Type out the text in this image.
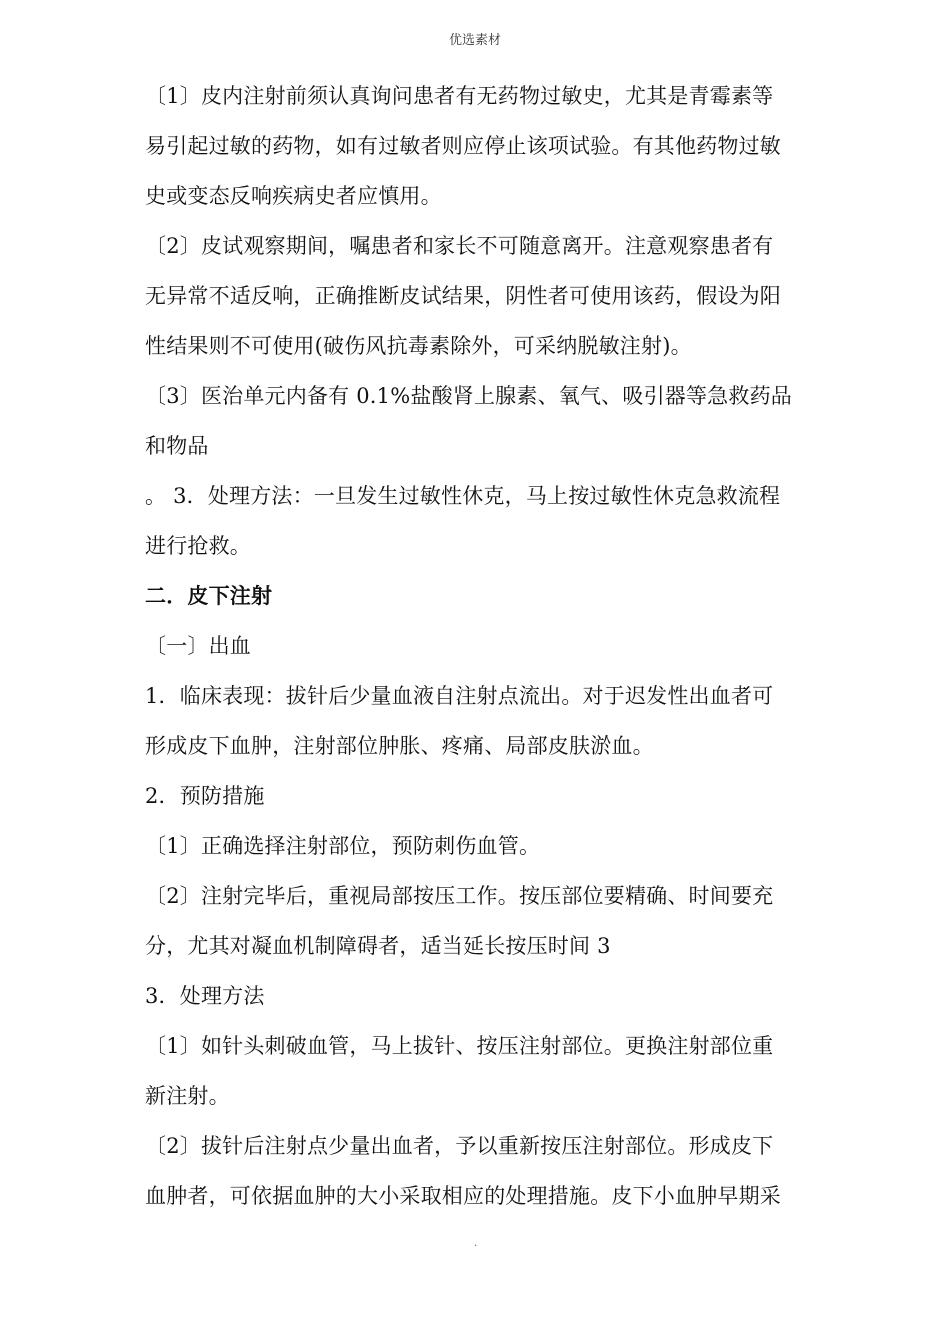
优选素材
〔1〕皮内注射前须认真询问患者有无药物过敏史，尤其是青霉素等
易引起过敏的药物，如有过敏者则应停止该项试验。有其他药物过敏
史或变态反响疾病史者应慎用。
〔2〕皮试观察期间，嘱患者和家长不可随意离开。注意观察患者有
无异常不适反响，正确推断皮试结果，阴性者可使用该药，假设为阳
性结果则不可使用(破伤风抗毒素除外，可采纳脱敏注射)。
〔3〕医治单元内备有 0.1%盐酸肾上腺素、氧气、吸引器等急救药品
和物品
。 3．处理方法：一旦发生过敏性休克，马上按过敏性休克急救流程
进行抢救。
二．皮下注射
〔一〕出血
1．临床表现：拔针后少量血液自注射点流出。对于迟发性出血者可
形成皮下血肿，注射部位肿胀、疼痛、局部皮肤淤血。
2．预防措施
〔1〕正确选择注射部位，预防刺伤血管。
〔2〕注射完毕后，重视局部按压工作。按压部位要精确、时间要充
分，尤其对凝血机制障碍者，适当延长按压时间 3
3．处理方法
〔1〕如针头刺破血管，马上拔针、按压注射部位。更换注射部位重
新注射。
〔2〕拔针后注射点少量出血者，予以重新按压注射部位。形成皮下
血肿者，可依据血肿的大小采取相应的处理措施。皮下小血肿早期采
.
